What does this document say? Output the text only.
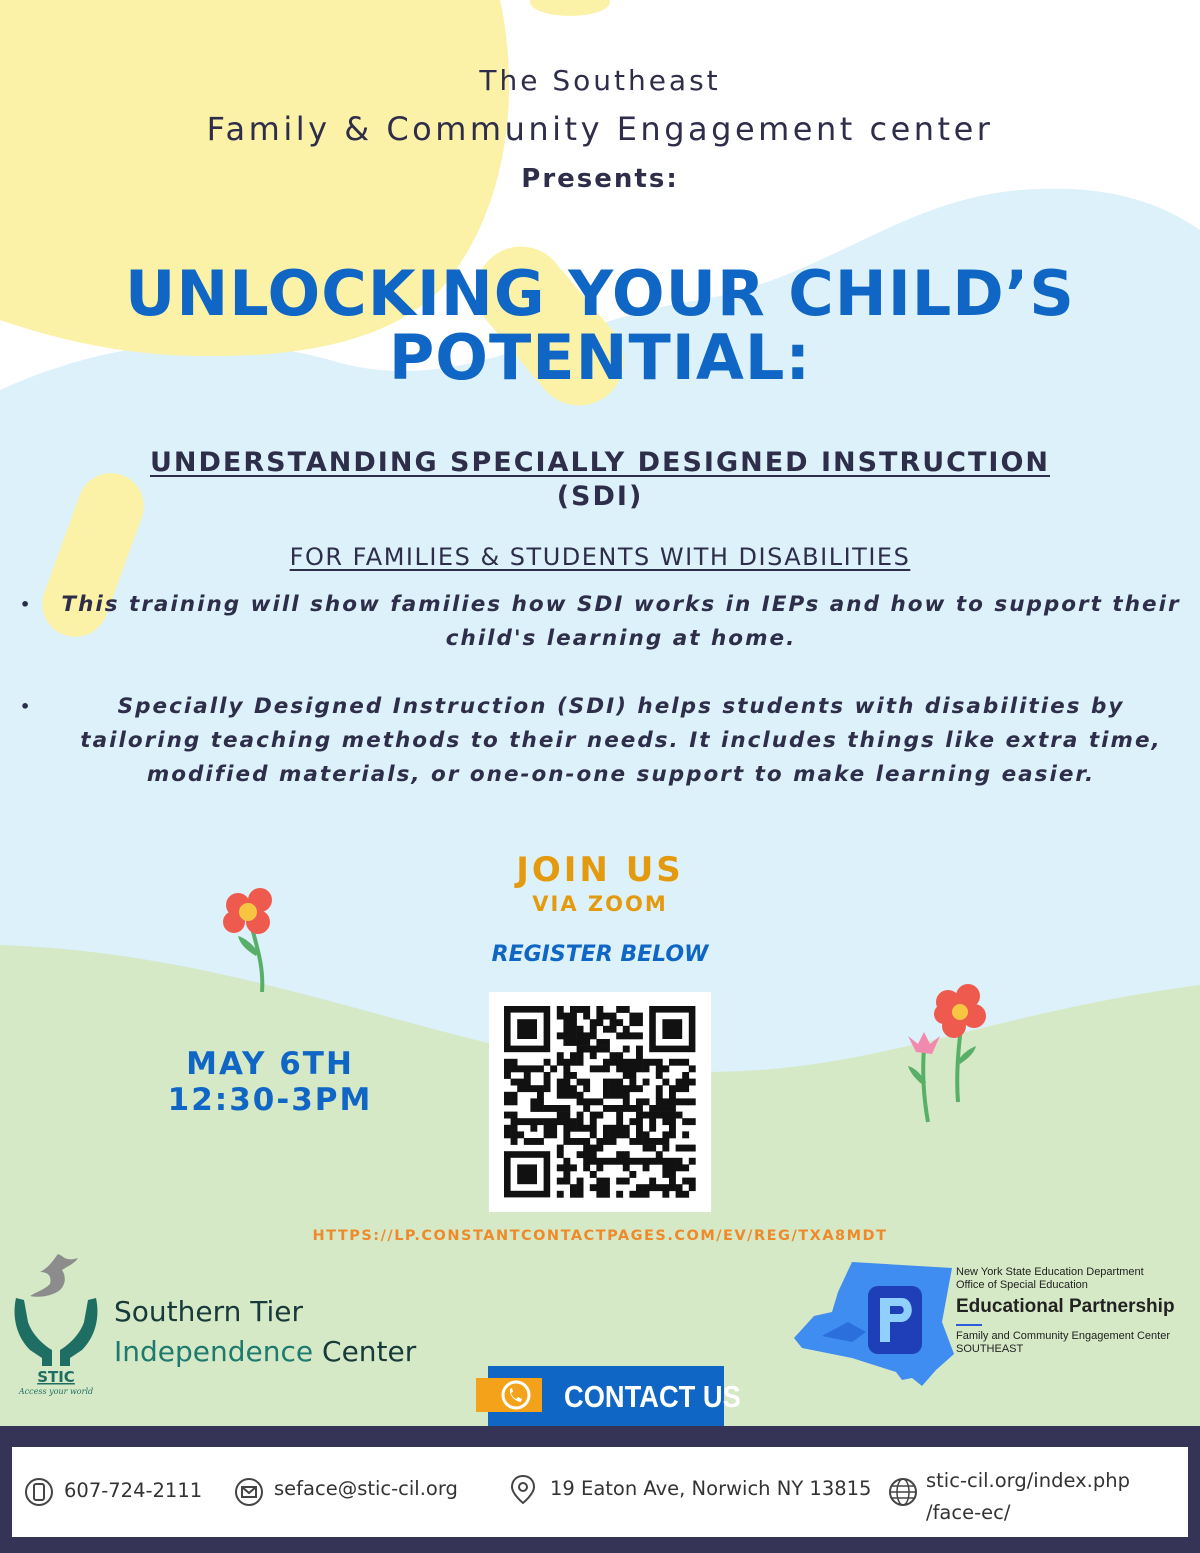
The Southeast

Family & Community Engagement center

Presents:

UNLOCKING YOUR CHILD’S
POTENTIAL:
UNDERSTANDING SPECIALLY DESIGNED INSTRUCTION
(SDI)

FOR FAMILIES & STUDENTS WITH DISABILITIES

• This training will show families how SDI works in IEPs and how to support their child's learning at home.
•	Specially Designed Instruction (SDI) helps students with disabilities by tailoring teaching methods to their needs. It includes things like extra time, modified materials, or one-on-one support to make learning easier.

JOIN US

VIA ZOOM

REGISTER BELOW

MAY 6TH
12:30-3PM

HTTPS://LP.CONSTANTCONTACTPAGES.COM/EV/REG/TXA8MDT

STIC
Access your world

Southern Tier
Independence Center

New York State Education Department
Office of Special Education
Educational Partnership
Family and Community Engagement Center
SOUTHEAST

CONTACT US
607-724-2111	seface@stic-cil.org	19 Eaton Ave, Norwich NY 13815	stic-cil.org/index.php
/face-ec/
